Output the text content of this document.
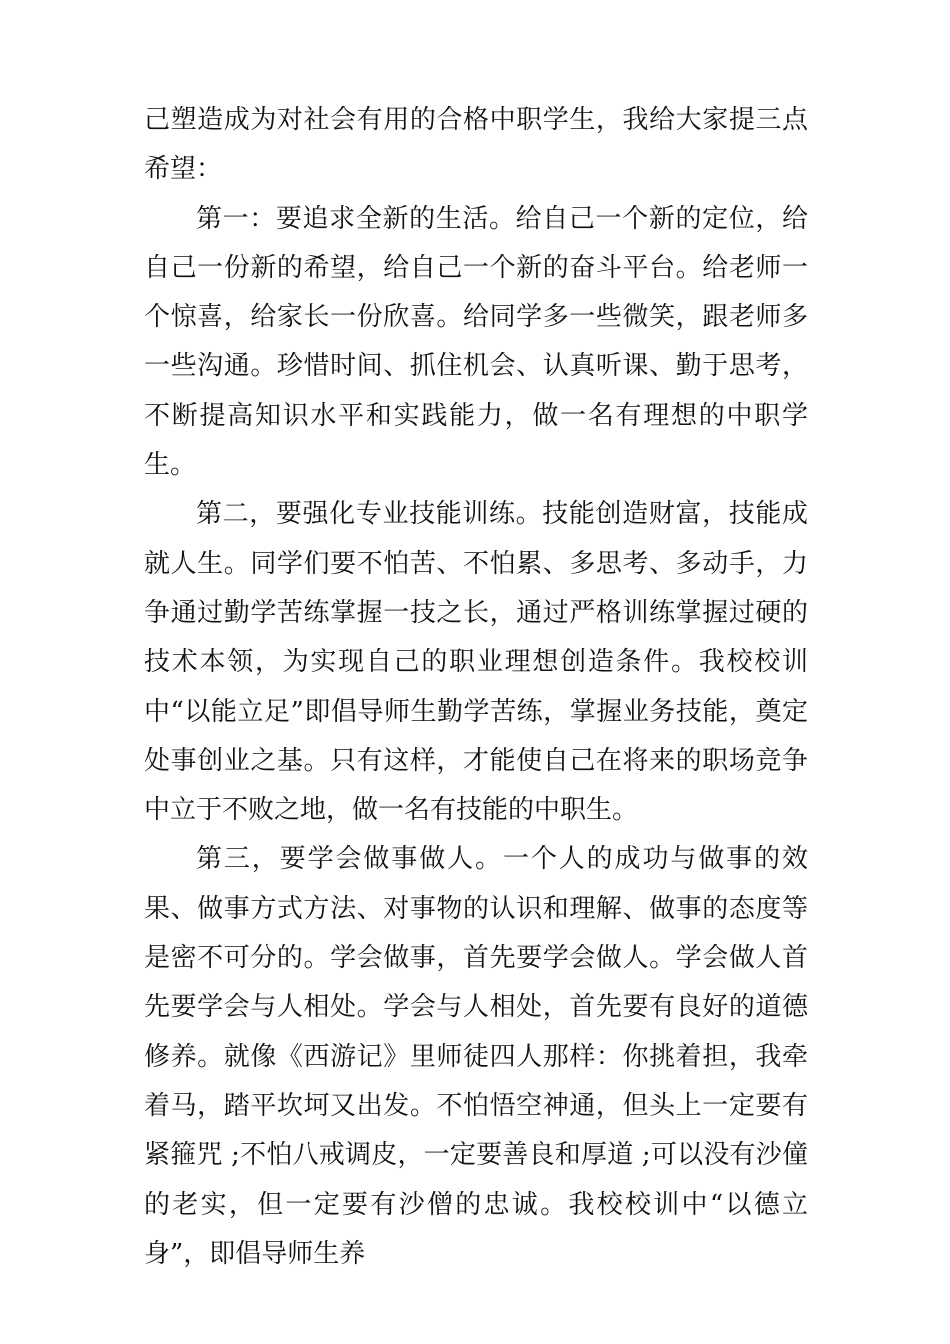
己塑造成为对社会有用的合格中职学生，我给大家提三点希望：

第一：要追求全新的生活。给自己一个新的定位，给自己一份新的希望，给自己一个新的奋斗平台。给老师一个惊喜，给家长一份欣喜。给同学多一些微笑，跟老师多一些沟通。珍惜时间、抓住机会、认真听课、勤于思考，不断提高知识水平和实践能力，做一名有理想的中职学生。

第二，要强化专业技能训练。技能创造财富，技能成就人生。同学们要不怕苦、不怕累、多思考、多动手，力争通过勤学苦练掌握一技之长，通过严格训练掌握过硬的技术本领，为实现自己的职业理想创造条件。我校校训中“以能立足”即倡导师生勤学苦练，掌握业务技能，奠定处事创业之基。只有这样，才能使自己在将来的职场竞争中立于不败之地，做一名有技能的中职生。

第三，要学会做事做人。一个人的成功与做事的效果、做事方式方法、对事物的认识和理解、做事的态度等是密不可分的。学会做事，首先要学会做人。学会做人首先要学会与人相处。学会与人相处，首先要有良好的道德修养。就像《西游记》里师徒四人那样：你挑着担，我牵着马，踏平坎坷又出发。不怕悟空神通，但头上一定要有紧箍咒 ;不怕八戒调皮，一定要善良和厚道 ;可以没有沙僮的老实，但一定要有沙僧的忠诚。我校校训中“以德立身”，即倡导师生养
